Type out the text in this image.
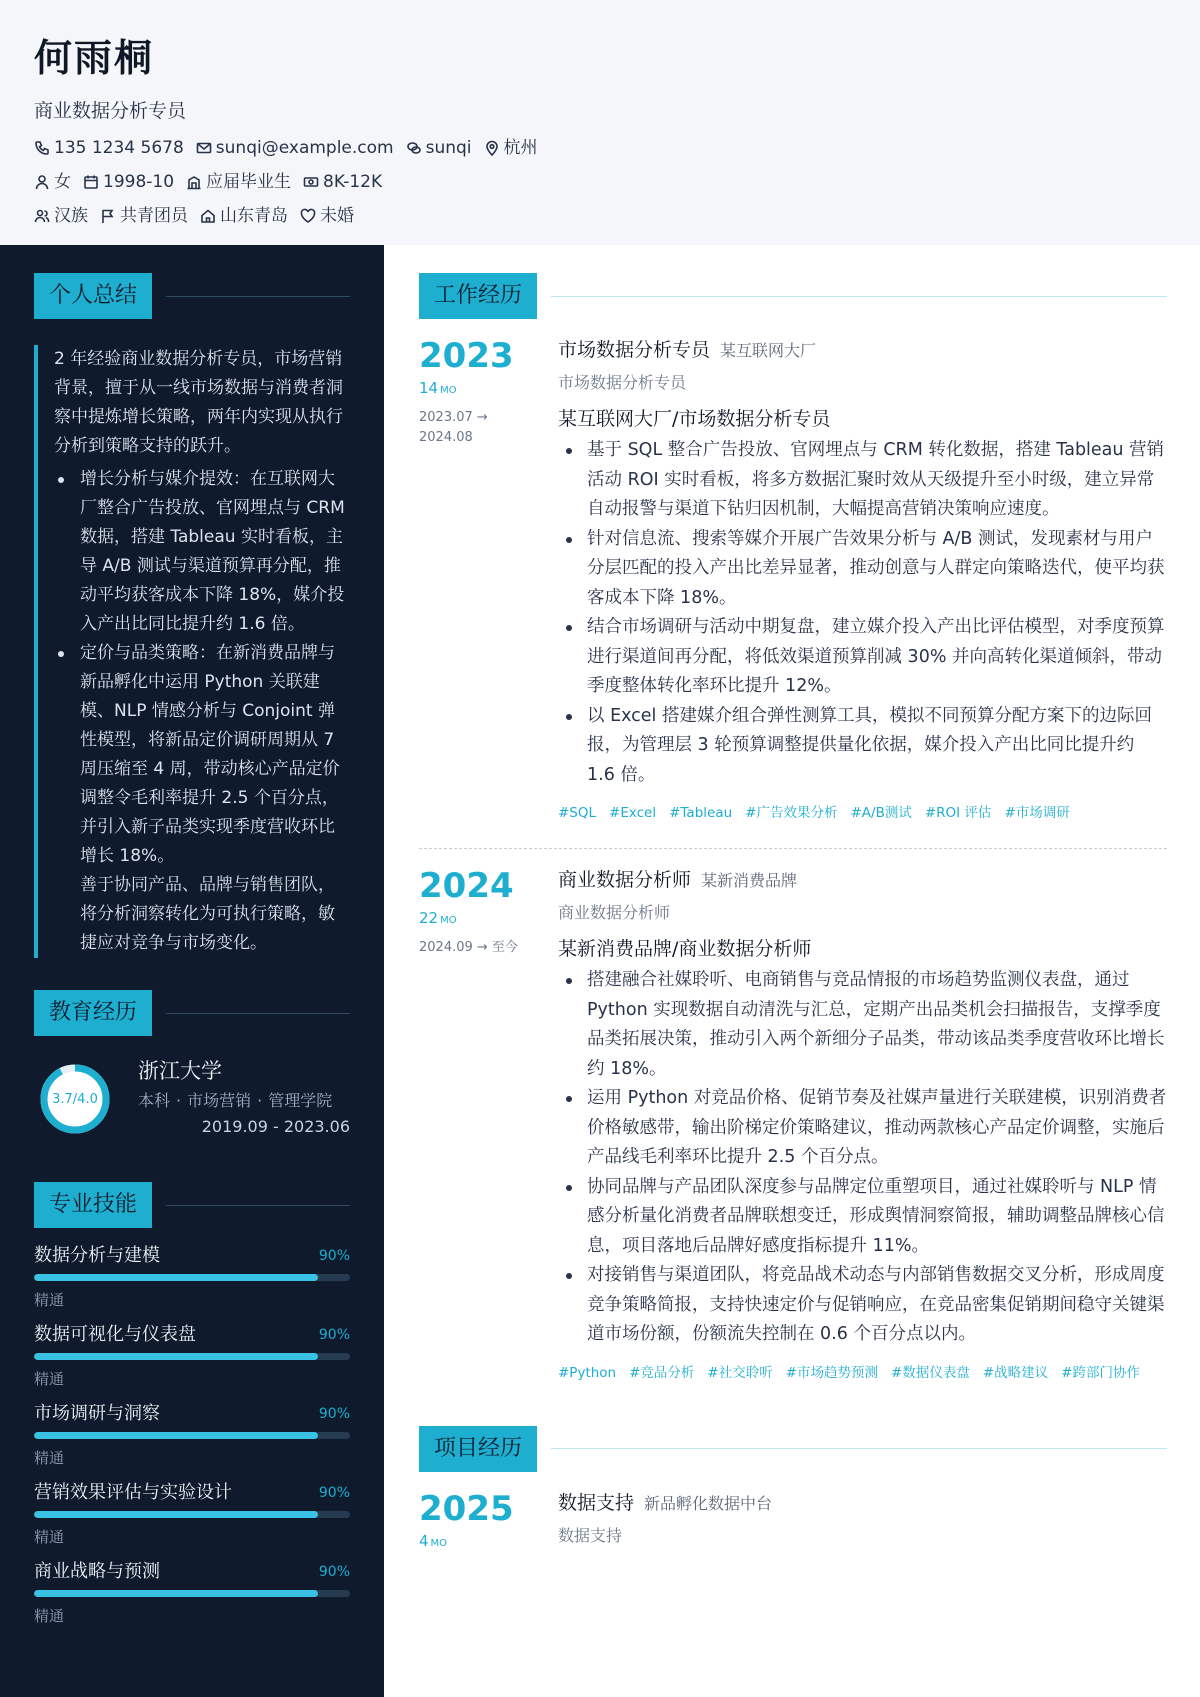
何雨桐
商业数据分析专员
135 1234 5678 sunqi@example.com sunqi 杭州
女 1998-10 应届毕业生 8K-12K
汉族 共青团员 山东青岛 未婚
个人总结
2 年经验商业数据分析专员，市场营销背景，擅于从一线市场数据与消费者洞察中提炼增长策略，两年内实现从执行分析到策略支持的跃升。
增长分析与媒介提效：在互联网大厂整合广告投放、官网埋点与 CRM 数据，搭建 Tableau 实时看板，主导 A/B 测试与渠道预算再分配，推动平均获客成本下降 18%，媒介投入产出比同比提升约 1.6 倍。
定价与品类策略：在新消费品牌与新品孵化中运用 Python 关联建模、NLP 情感分析与 Conjoint 弹性模型，将新品定价调研周期从 7 周压缩至 4 周，带动核心产品定价调整令毛利率提升 2.5 个百分点，并引入新子品类实现季度营收环比增长 18%。
善于协同产品、品牌与销售团队，将分析洞察转化为可执行策略，敏捷应对竞争与市场变化。
教育经历
3.7/4.0
浙江大学
本科 · 市场营销 · 管理学院
2019.09 - 2023.06
专业技能
数据分析与建模	90%
精通
数据可视化与仪表盘	90%
精通
市场调研与洞察	90%
精通
营销效果评估与实验设计	90%
精通
商业战略与预测	90%
精通
工作经历
2023
14 MO
2023.07 → 2024.08
市场数据分析专员 某互联网大厂
市场数据分析专员
某互联网大厂/市场数据分析专员
基于 SQL 整合广告投放、官网埋点与 CRM 转化数据，搭建 Tableau 营销活动 ROI 实时看板，将多方数据汇聚时效从天级提升至小时级，建立异常自动报警与渠道下钻归因机制，大幅提高营销决策响应速度。
针对信息流、搜索等媒介开展广告效果分析与 A/B 测试，发现素材与用户分层匹配的投入产出比差异显著，推动创意与人群定向策略迭代，使平均获客成本下降 18%。
结合市场调研与活动中期复盘，建立媒介投入产出比评估模型，对季度预算进行渠道间再分配，将低效渠道预算削减 30% 并向高转化渠道倾斜，带动季度整体转化率环比提升 12%。
以 Excel 搭建媒介组合弹性测算工具，模拟不同预算分配方案下的边际回报，为管理层 3 轮预算调整提供量化依据，媒介投入产出比同比提升约 1.6 倍。
#SQL #Excel #Tableau #广告效果分析 #A/B测试 #ROI 评估 #市场调研
2024
22 MO
2024.09 → 至今
商业数据分析师 某新消费品牌
商业数据分析师
某新消费品牌/商业数据分析师
搭建融合社媒聆听、电商销售与竞品情报的市场趋势监测仪表盘，通过 Python 实现数据自动清洗与汇总，定期产出品类机会扫描报告，支撑季度品类拓展决策，推动引入两个新细分子品类，带动该品类季度营收环比增长约 18%。
运用 Python 对竞品价格、促销节奏及社媒声量进行关联建模，识别消费者价格敏感带，输出阶梯定价策略建议，推动两款核心产品定价调整，实施后产品线毛利率环比提升 2.5 个百分点。
协同品牌与产品团队深度参与品牌定位重塑项目，通过社媒聆听与 NLP 情感分析量化消费者品牌联想变迁，形成舆情洞察简报，辅助调整品牌核心信息，项目落地后品牌好感度指标提升 11%。
对接销售与渠道团队，将竞品战术动态与内部销售数据交叉分析，形成周度竞争策略简报，支持快速定价与促销响应，在竞品密集促销期间稳守关键渠道市场份额，份额流失控制在 0.6 个百分点以内。
#Python #竞品分析 #社交聆听 #市场趋势预测 #数据仪表盘 #战略建议 #跨部门协作
项目经历
2025
4 MO
数据支持 新品孵化数据中台
数据支持
